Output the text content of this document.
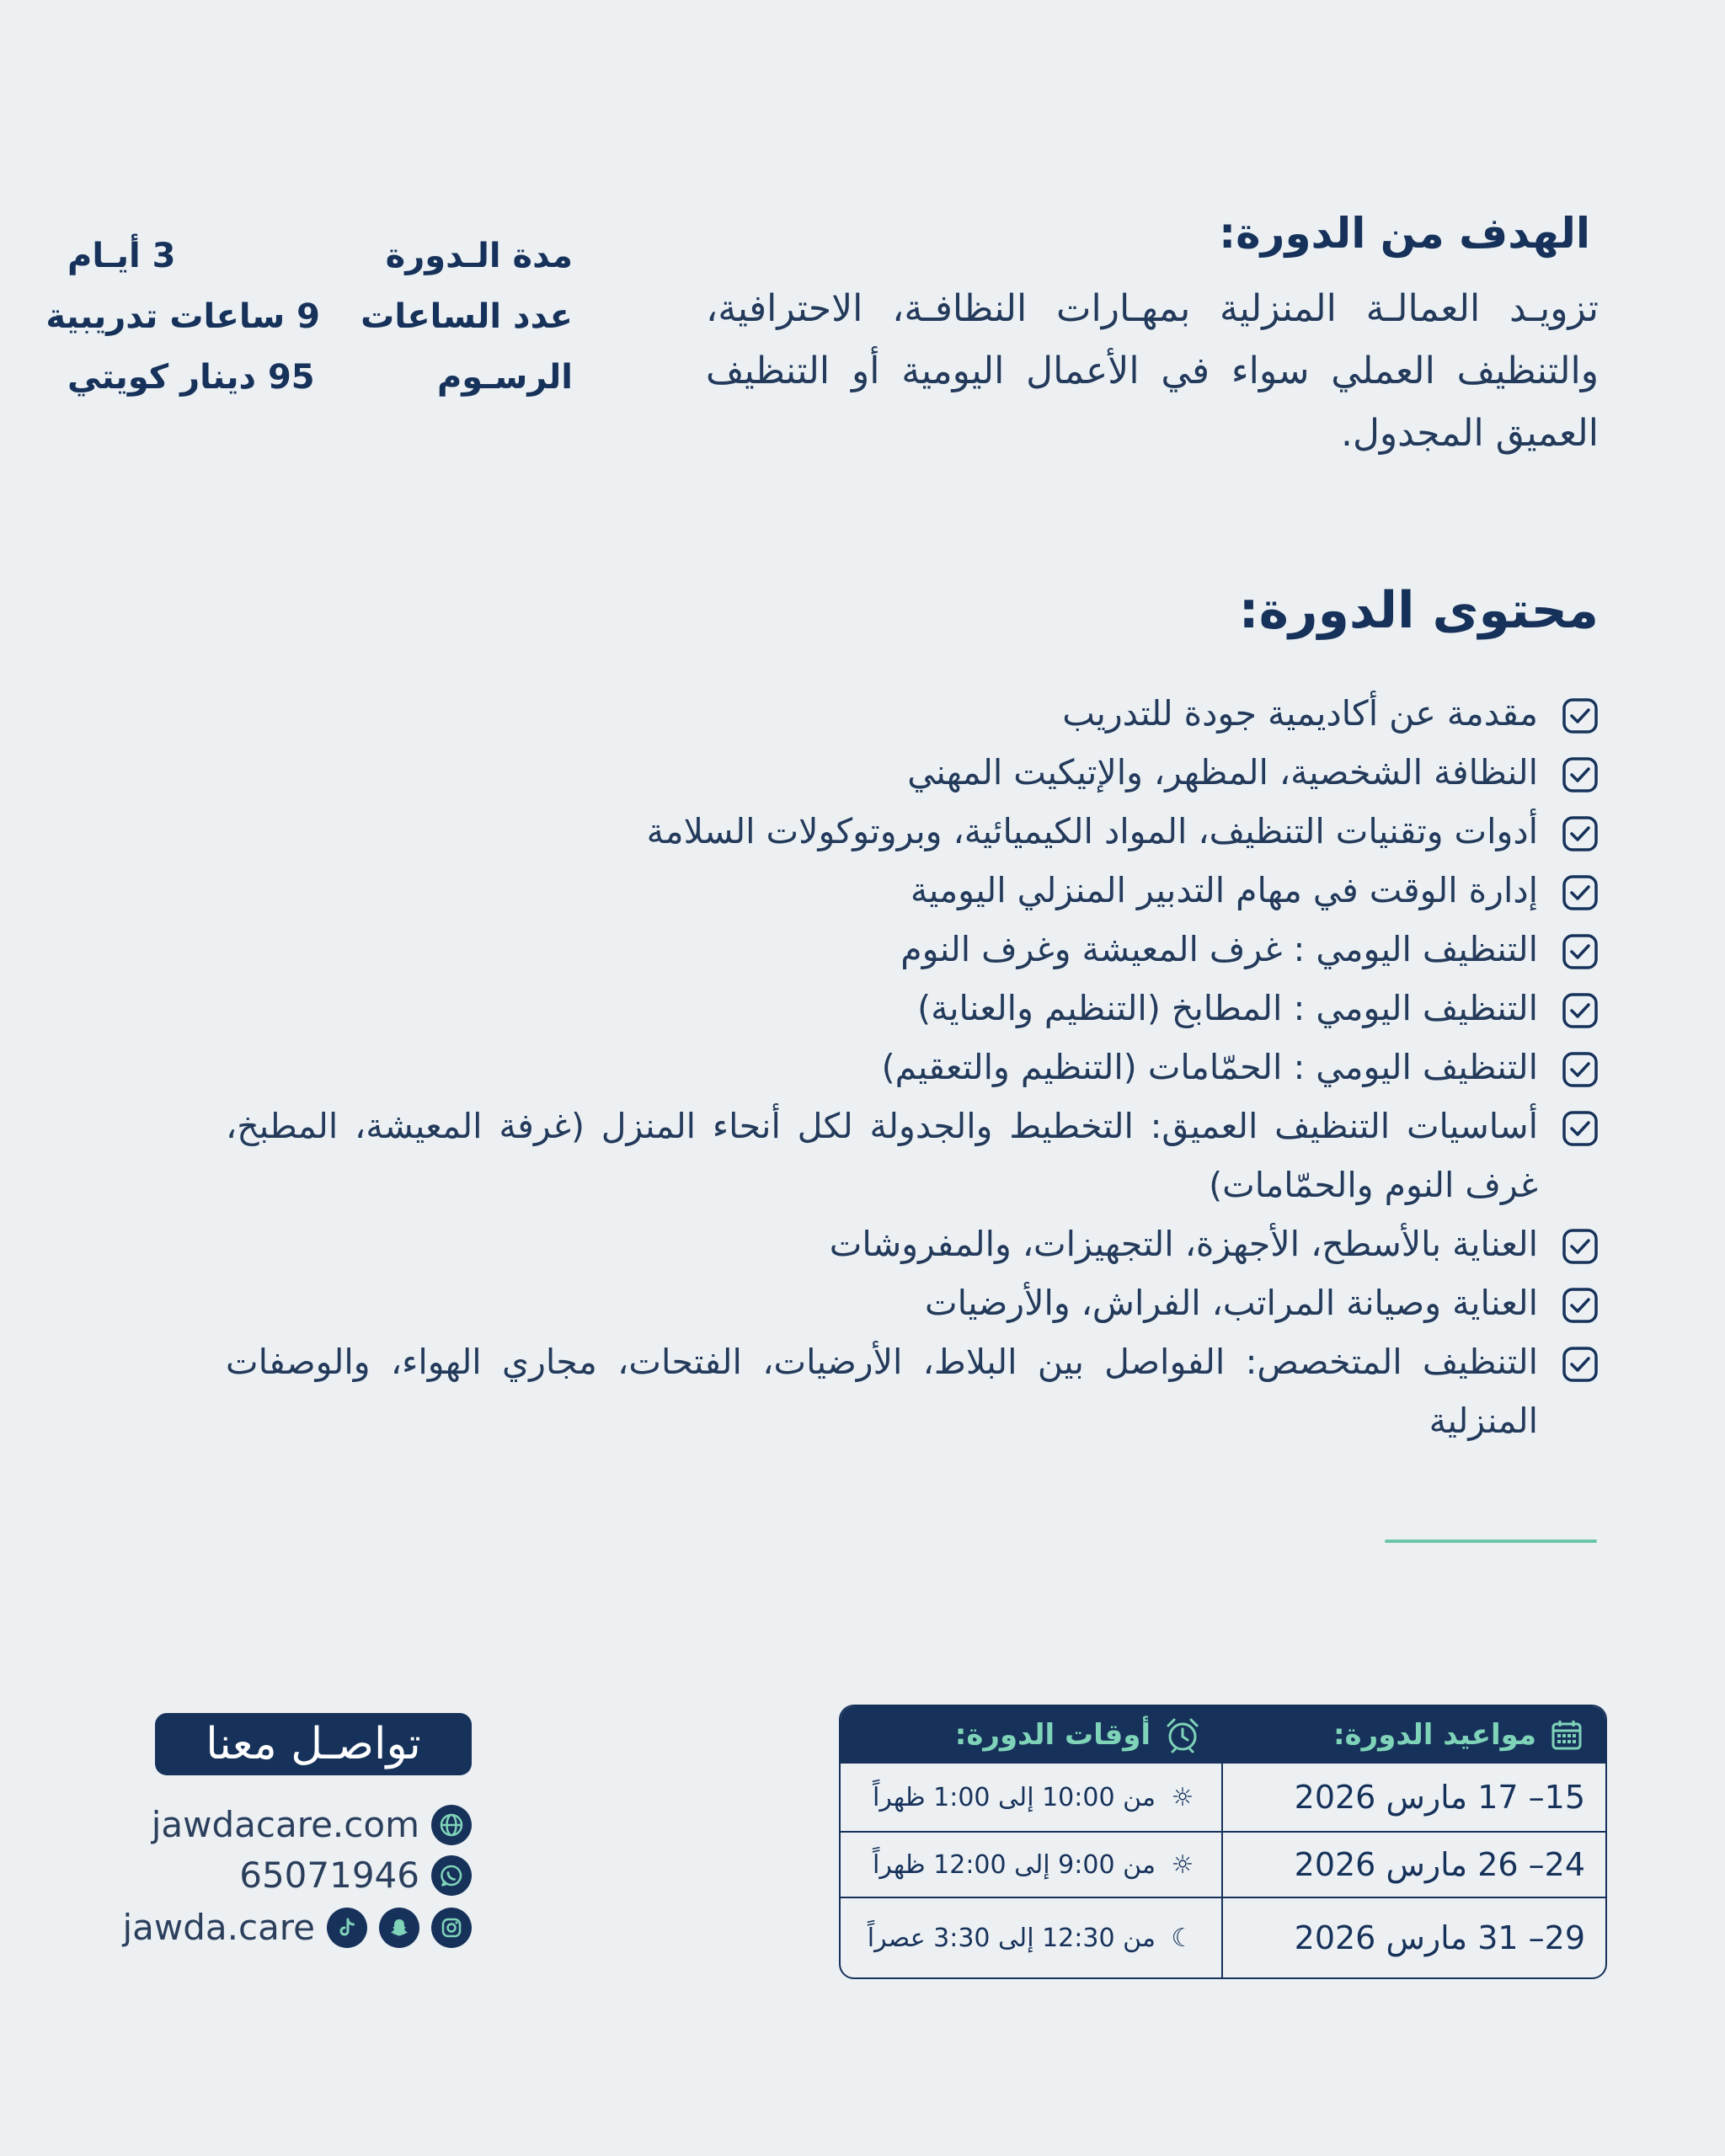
الهدف من الدورة:

تزويـد العمالـة المنزلية بمهـارات النظافـة، الاحترافية، والتنظيف العملي سواء في الأعمال اليومية أو التنظيف العميق المجدول.

مدة الـدورة
عدد الساعات
الرسـوم
3 أيـام
9 ساعات تدريبية
95 دينار كويتي
محتوى الدورة:
مقدمة عن أكاديمية جودة للتدريب
النظافة الشخصية، المظهر، والإتيكيت المهني
أدوات وتقنيات التنظيف، المواد الكيميائية، وبروتوكولات السلامة
إدارة الوقت في مهام التدبير المنزلي اليومية
التنظيف اليومي : غرف المعيشة وغرف النوم
التنظيف اليومي : المطابخ (التنظيم والعناية)
التنظيف اليومي : الحمّامات (التنظيم والتعقيم)
أساسيات التنظيف العميق: التخطيط والجدولة لكل أنحاء المنزل (غرفة المعيشة، المطبخ، غرف النوم والحمّامات)
العناية بالأسطح، الأجهزة، التجهيزات، والمفروشات
العناية وصيانة المراتب، الفراش، والأرضيات
التنظيف المتخصص: الفواصل بين البلاط، الأرضيات، الفتحات، مجاري الهواء، والوصفات المنزلية
مواعيد الدورة:
أوقات الدورة:
15– 17 مارس 2026
☼
من 10:00 إلى 1:00 ظهراً
24– 26 مارس 2026
☼
من 9:00 إلى 12:00 ظهراً
29– 31 مارس 2026
☾
من 12:30 إلى 3:30 عصراً
تواصـل معنا
jawdacare.com
65071946
jawda.care
